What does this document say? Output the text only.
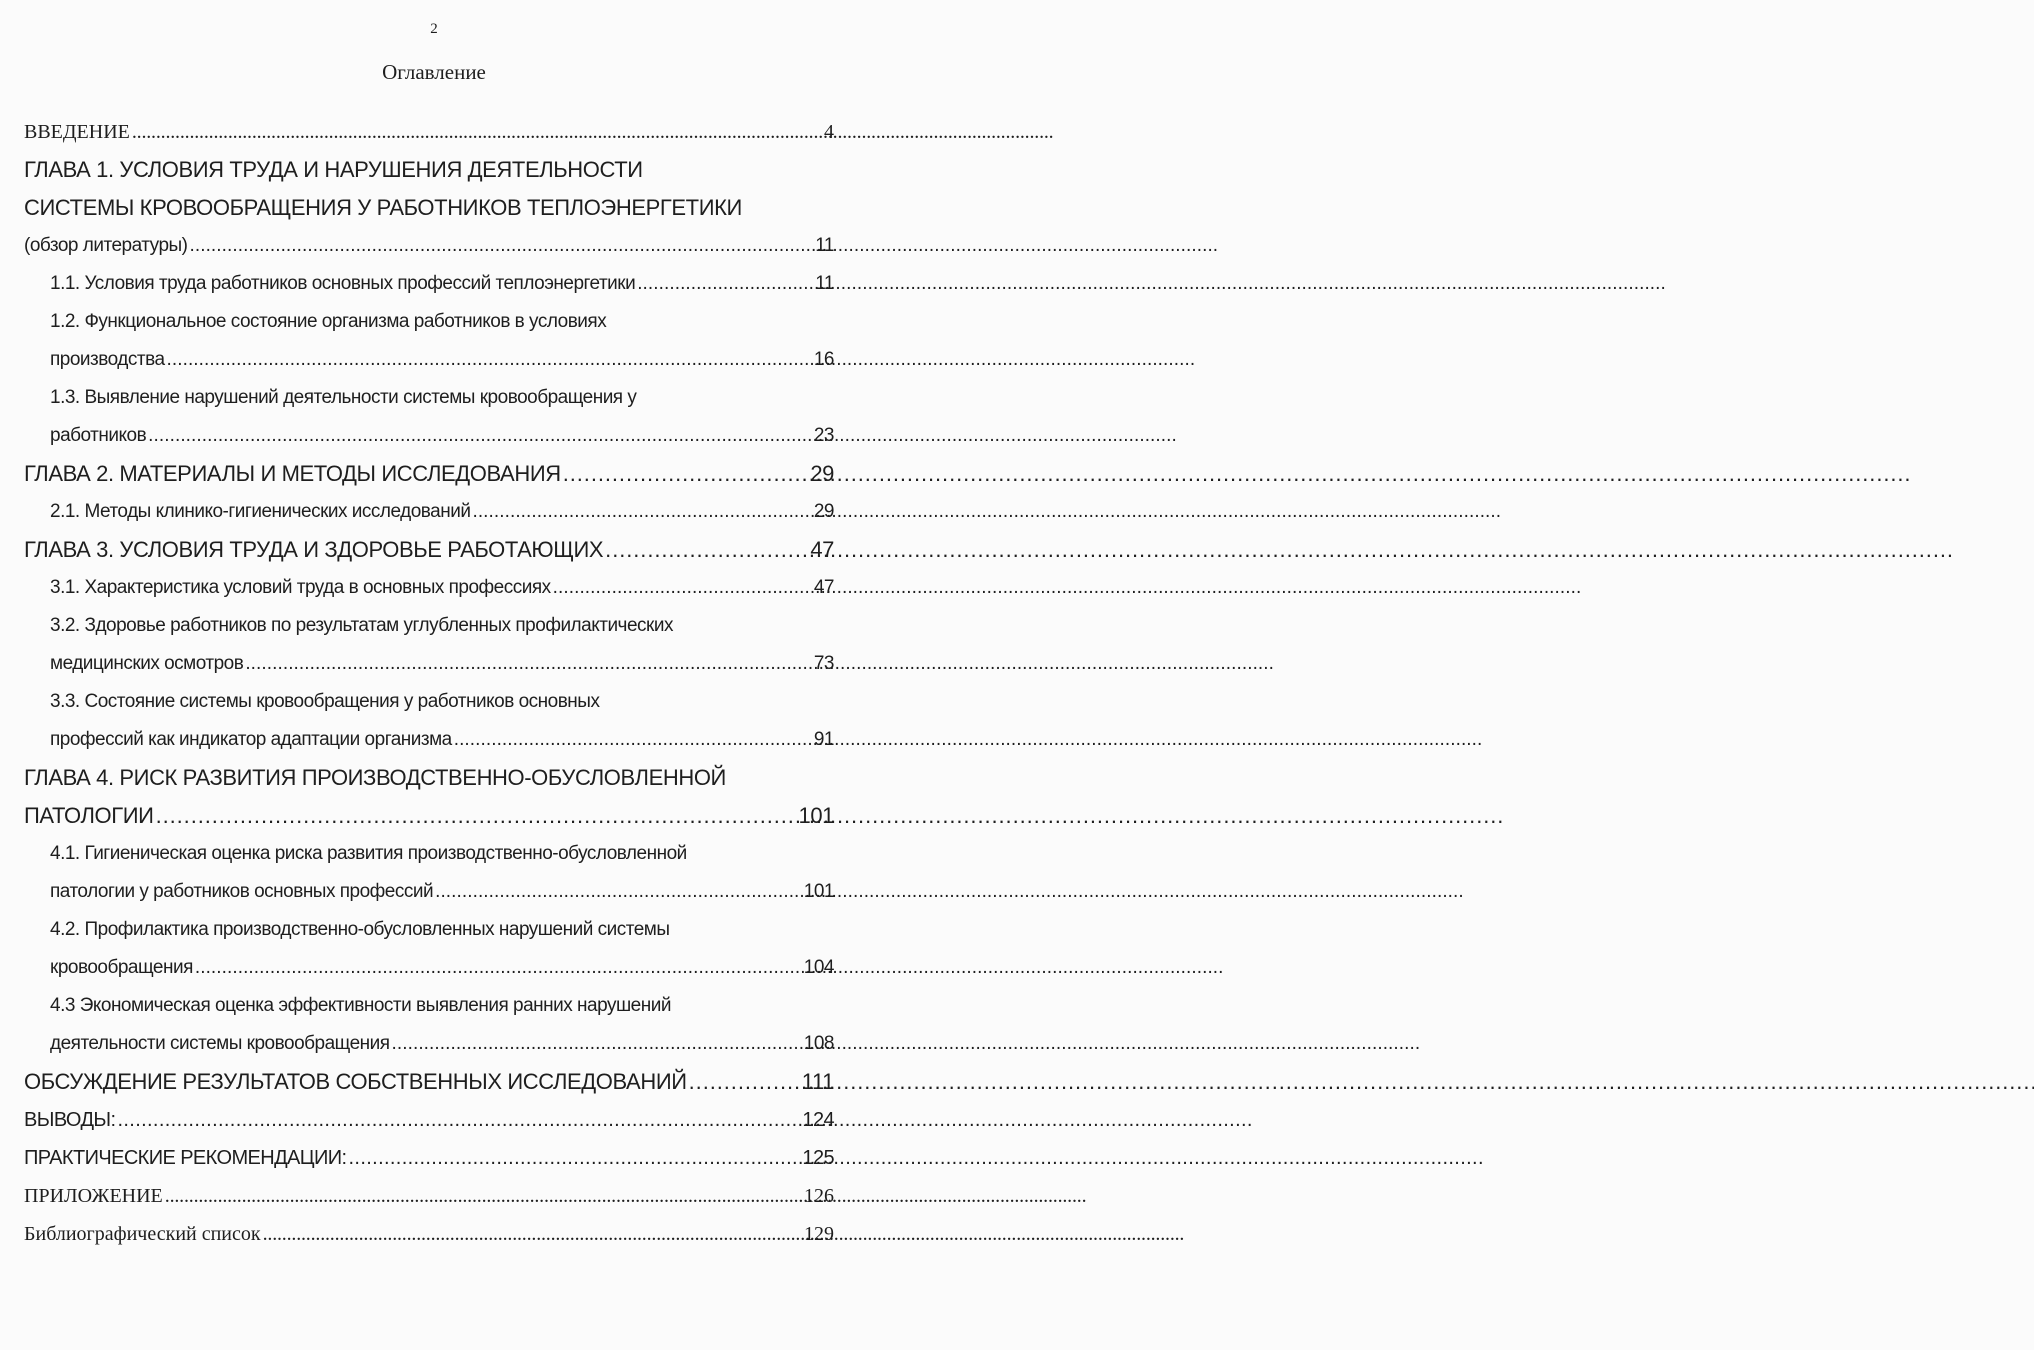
2
Оглавление
ВВЕДЕНИЕ . . .	4
ГЛАВА 1. УСЛОВИЯ ТРУДА И НАРУШЕНИЯ ДЕЯТЕЛЬНОСТИ
СИСТЕМЫ КРОВООБРАЩЕНИЯ У РАБОТНИКОВ ТЕПЛОЭНЕРГЕТИКИ
(обзор литературы) . . .	11
1.1. Условия труда работников основных профессий теплоэнергетики . . .	11
1.2. Функциональное состояние организма работников в условиях
производства . . .	16
1.3. Выявление нарушений деятельности системы кровообращения у
работников . . .	23
ГЛАВА 2. МАТЕРИАЛЫ И МЕТОДЫ ИССЛЕДОВАНИЯ . . .	29
2.1. Методы клинико-гигиенических исследований . . .	29
ГЛАВА 3. УСЛОВИЯ ТРУДА И ЗДОРОВЬЕ РАБОТАЮЩИХ . . .	47
3.1. Характеристика условий труда в основных профессиях . . .	47
3.2. Здоровье работников по результатам углубленных профилактических
медицинских осмотров . . .	73
3.3. Состояние системы кровообращения у работников основных
профессий как индикатор адаптации организма . . .	91
ГЛАВА 4. РИСК РАЗВИТИЯ ПРОИЗВОДСТВЕННО-ОБУСЛОВЛЕННОЙ
ПАТОЛОГИИ . . .	101
4.1. Гигиеническая оценка риска развития производственно-обусловленной
патологии у работников основных профессий . . .	101
4.2. Профилактика производственно-обусловленных нарушений системы
кровообращения . . .	104
4.3 Экономическая оценка эффективности выявления ранних нарушений
деятельности системы кровообращения . . .	108
ОБСУЖДЕНИЕ РЕЗУЛЬТАТОВ СОБСТВЕННЫХ ИССЛЕДОВАНИЙ . . .	111
ВЫВОДЫ: . . .	124
ПРАКТИЧЕСКИЕ РЕКОМЕНДАЦИИ: . . .	125
ПРИЛОЖЕНИЕ . . .	126
Библиографический список . . .	129
